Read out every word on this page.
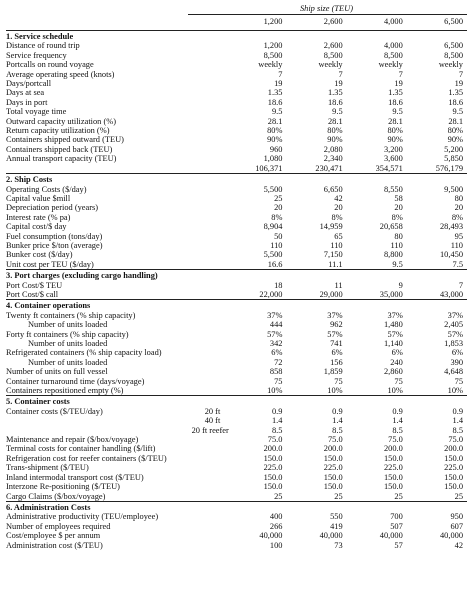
Ship size (TEU)
		1,200	2,600	4,000	6,500
1. Service schedule					
Distance of round trip		1,200	2,600	4,000	6,500
Service frequency		8,500	8,500	8,500	8,500
Portcalls on round voyage		weekly	weekly	weekly	weekly
Average operating speed (knots)		7	7	7	7
Days/portcall		19	19	19	19
Days at sea		1.35	1.35	1.35	1.35
Days in port		18.6	18.6	18.6	18.6
Total voyage time		9.5	9.5	9.5	9.5
Outward capacity utilization (%)		28.1	28.1	28.1	28.1
Return capacity utilization (%)		80%	80%	80%	80%
Containers shipped outward (TEU)		90%	90%	90%	90%
Containers shipped back (TEU)		960	2,080	3,200	5,200
Annual transport capacity (TEU)		1,080	2,340	3,600	5,850
		106,371	230,471	354,571	576,179
2. Ship Costs					
Operating Costs ($/day)		5,500	6,650	8,550	9,500
Capital value $mill		25	42	58	80
Depreciation period (years)		20	20	20	20
Interest rate (% pa)		8%	8%	8%	8%
Capital cost/$ day		8,904	14,959	20,658	28,493
Fuel consumption (tons/day)		50	65	80	95
Bunker price $/ton (average)		110	110	110	110
Bunker cost ($/day)		5,500	7,150	8,800	10,450
Unit cost per TEU ($/day)		16.6	11.1	9.5	7.5
3. Port charges (excluding cargo handling)					
Port Cost/$ TEU		18	11	9	7
Port Cost/$ call		22,000	29,000	35,000	43,000
4. Container operations					
Twenty ft containers (% ship capacity)		37%	37%	37%	37%
Number of units loaded		444	962	1,480	2,405
Forty ft containers (% ship capacity)		57%	57%	57%	57%
Number of units loaded		342	741	1,140	1,853
Refrigerated containers (% ship capacity load)		6%	6%	6%	6%
Number of units loaded		72	156	240	390
Number of units on full vessel		858	1,859	2,860	4,648
Container turnaround time (days/voyage)		75	75	75	75
Containers repositioned empty (%)		10%	10%	10%	10%
5. Container costs					
Container costs ($/TEU/day)	20 ft	0.9	0.9	0.9	0.9
	40 ft	1.4	1.4	1.4	1.4
	20 ft reefer	8.5	8.5	8.5	8.5
Maintenance and repair ($/box/voyage)		75.0	75.0	75.0	75.0
Terminal costs for container handling ($/lift)		200.0	200.0	200.0	200.0
Refrigeration cost for reefer containers ($/TEU)		150.0	150.0	150.0	150.0
Trans-shipment ($/TEU)		225.0	225.0	225.0	225.0
Inland intermodal transport cost ($/TEU)		150.0	150.0	150.0	150.0
Interzone Re-positioning ($/TEU)		150.0	150.0	150.0	150.0
Cargo Claims ($/box/voyage)		25	25	25	25
6. Administration Costs					
Administrative productivity (TEU/employee)		400	550	700	950
Number of employees required		266	419	507	607
Cost/employee $ per annum		40,000	40,000	40,000	40,000
Administration cost ($/TEU)		100	73	57	42
